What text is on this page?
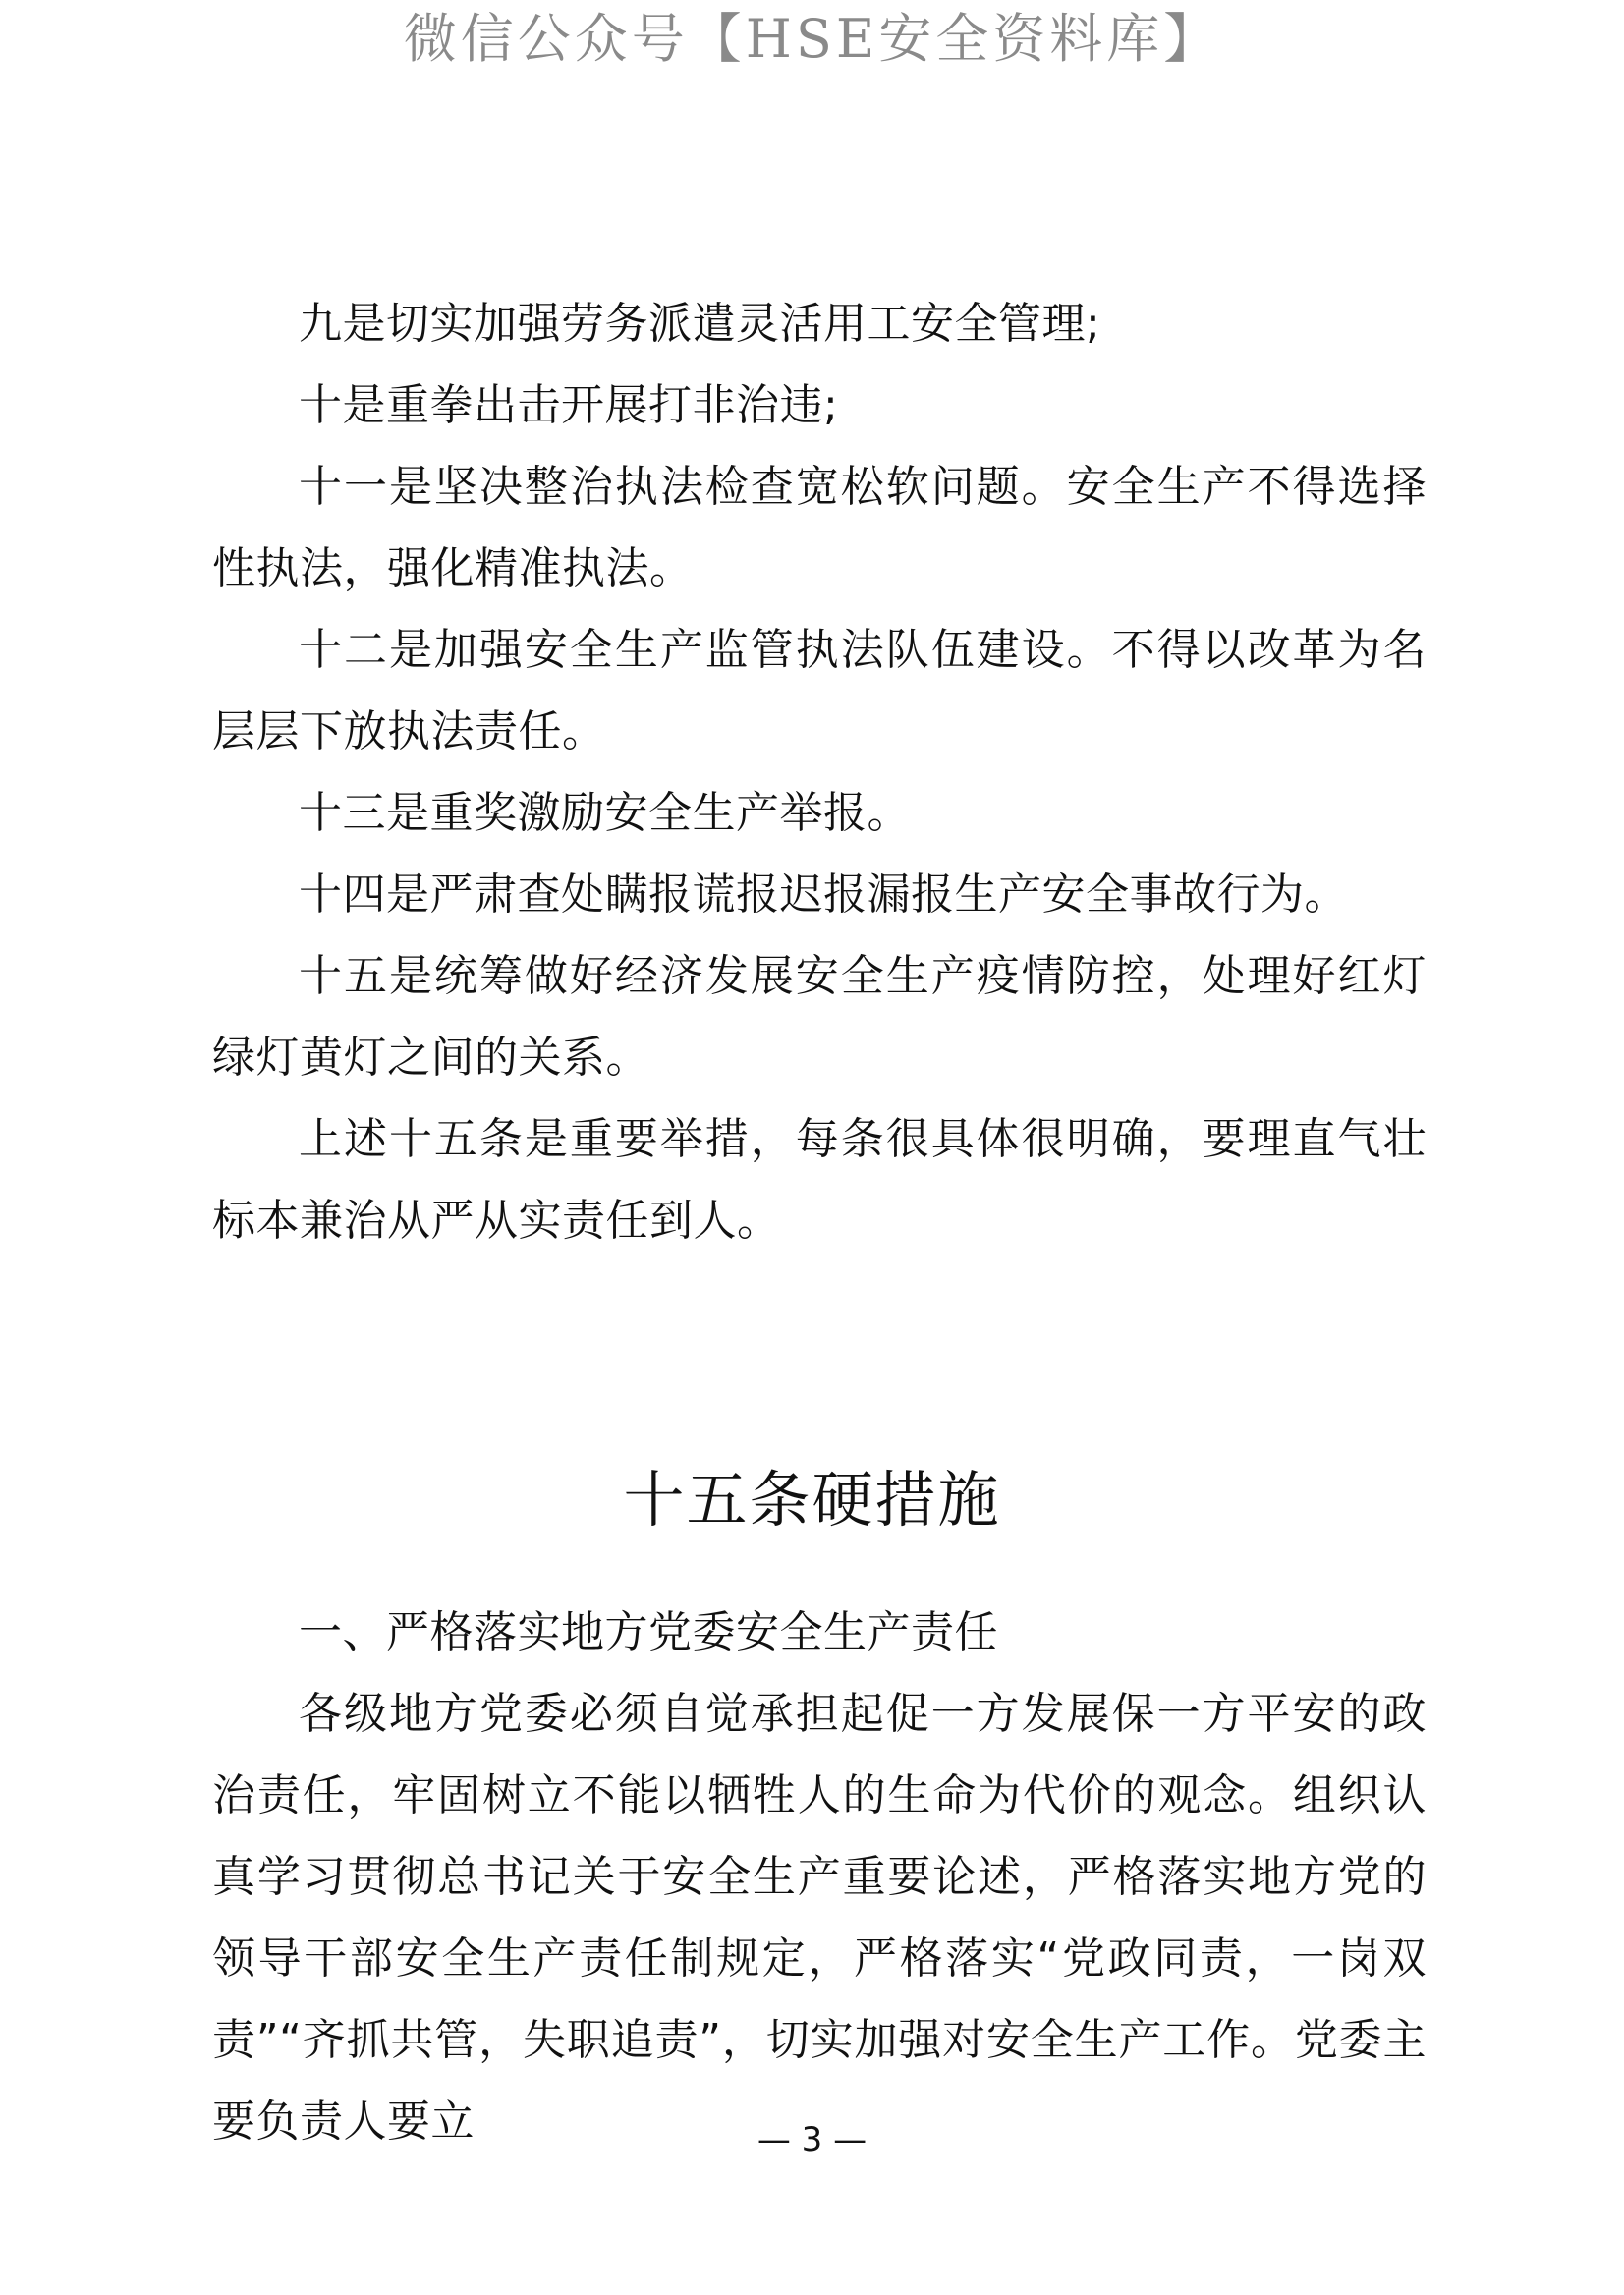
微信公众号【HSE安全资料库】

九是切实加强劳务派遣灵活用工安全管理;

十是重拳出击开展打非治违;

十一是坚决整治执法检查宽松软问题。安全生产不得选择性执法，强化精准执法。

十二是加强安全生产监管执法队伍建设。不得以改革为名层层下放执法责任。

十三是重奖激励安全生产举报。

十四是严肃查处瞒报谎报迟报漏报生产安全事故行为。

十五是统筹做好经济发展安全生产疫情防控，处理好红灯绿灯黄灯之间的关系。

上述十五条是重要举措，每条很具体很明确，要理直气壮标本兼治从严从实责任到人。

十五条硬措施

一、严格落实地方党委安全生产责任

各级地方党委必须自觉承担起促一方发展保一方平安的政治责任，牢固树立不能以牺牲人的生命为代价的观念。组织认真学习贯彻总书记关于安全生产重要论述，严格落实地方党的领导干部安全生产责任制规定，严格落实“党政同责，一岗双责”“齐抓共管，失职追责”，切实加强对安全生产工作。党委主要负责人要立	— 3 —
